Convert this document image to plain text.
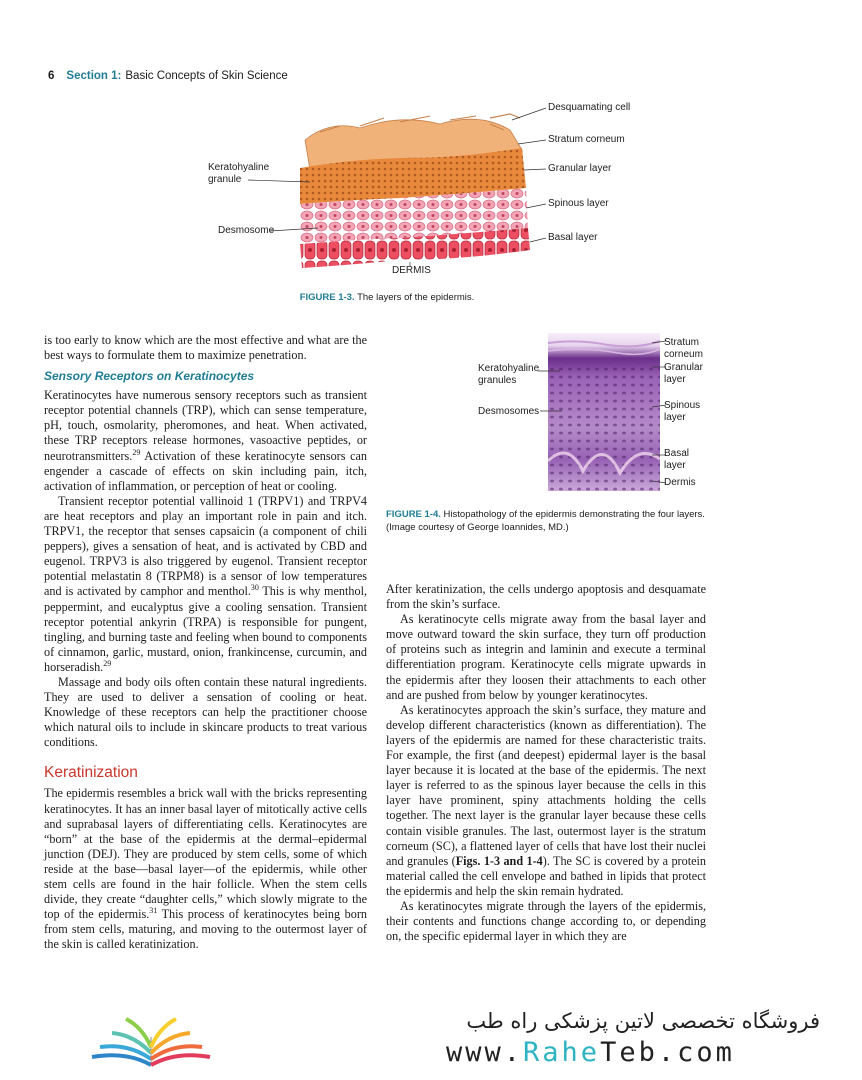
6 Section 1: Basic Concepts of Skin Science
Desquamating cell
Stratum corneum
Granular layer
Spinous layer
Basal layer
Keratohyaline
granule
Desmosome
DERMIS
FIGURE 1-3. The layers of the epidermis.
Stratum
corneum
Granular
layer
Spinous
layer
Basal
layer
Dermis
Keratohyaline
granules
Desmosomes
FIGURE 1-4. Histopathology of the epidermis demonstrating the four layers. (Image courtesy of George Ioannides, MD.)

is too early to know which are the most effective and what are the best ways to formulate them to maximize penetration.

Sensory Receptors on Keratinocytes

Keratinocytes have numerous sensory receptors such as transient receptor potential channels (TRP), which can sense temperature, pH, touch, osmolarity, pheromones, and heat. When activated, these TRP receptors release hormones, vasoactive peptides, or neurotransmitters.$^{29}$ Activation of these keratinocyte sensors can engender a cascade of effects on skin including pain, itch, activation of inflammation, or perception of heat or cooling.

Transient receptor potential vallinoid 1 (TRPV1) and TRPV4 are heat receptors and play an important role in pain and itch. TRPV1, the receptor that senses capsaicin (a component of chili peppers), gives a sensation of heat, and is activated by CBD and eugenol. TRPV3 is also triggered by eugenol. Transient receptor potential melastatin 8 (TRPM8) is a sensor of low temperatures and is activated by camphor and menthol.$^{30}$ This is why menthol, peppermint, and eucalyptus give a cooling sensation. Transient receptor potential ankyrin (TRPA) is responsible for pungent, tingling, and burning taste and feeling when bound to components of cinnamon, garlic, mustard, onion, frankincense, curcumin, and horseradish.$^{29}$

Massage and body oils often contain these natural ingredients. They are used to deliver a sensation of cooling or heat. Knowledge of these receptors can help the practitioner choose which natural oils to include in skincare products to treat various conditions.

Keratinization

The epidermis resembles a brick wall with the bricks representing keratinocytes. It has an inner basal layer of mitotically active cells and suprabasal layers of differentiating cells. Keratinocytes are “born” at the base of the epidermis at the dermal–epidermal junction (DEJ). They are produced by stem cells, some of which reside at the base—basal layer—of the epidermis, while other stem cells are found in the hair follicle. When the stem cells divide, they create “daughter cells,” which slowly migrate to the top of the epidermis.$^{31}$ This process of keratinocytes being born from stem cells, maturing, and moving to the outermost layer of the skin is called keratinization.

After keratinization, the cells undergo apoptosis and desquamate from the skin’s surface.

As keratinocyte cells migrate away from the basal layer and move outward toward the skin surface, they turn off production of proteins such as integrin and laminin and execute a terminal differentiation program. Keratinocyte cells migrate upwards in the epidermis after they loosen their attachments to each other and are pushed from below by younger keratinocytes.

As keratinocytes approach the skin’s surface, they mature and develop different characteristics (known as differentiation). The layers of the epidermis are named for these characteristic traits. For example, the first (and deepest) epidermal layer is the basal layer because it is located at the base of the epidermis. The next layer is referred to as the spinous layer because the cells in this layer have prominent, spiny attachments holding the cells together. The next layer is the granular layer because these cells contain visible granules. The last, outermost layer is the stratum corneum (SC), a flattened layer of cells that have lost their nuclei and granules (Figs. 1-3 and 1-4). The SC is covered by a protein material called the cell envelope and bathed in lipids that protect the epidermis and help the skin remain hydrated.

As keratinocytes migrate through the layers of the epidermis, their contents and functions change according to, or depending on, the specific epidermal layer in which they are

فروشگاه تخصصی لاتین پزشکی راه طب
www.RaheTeb.com
